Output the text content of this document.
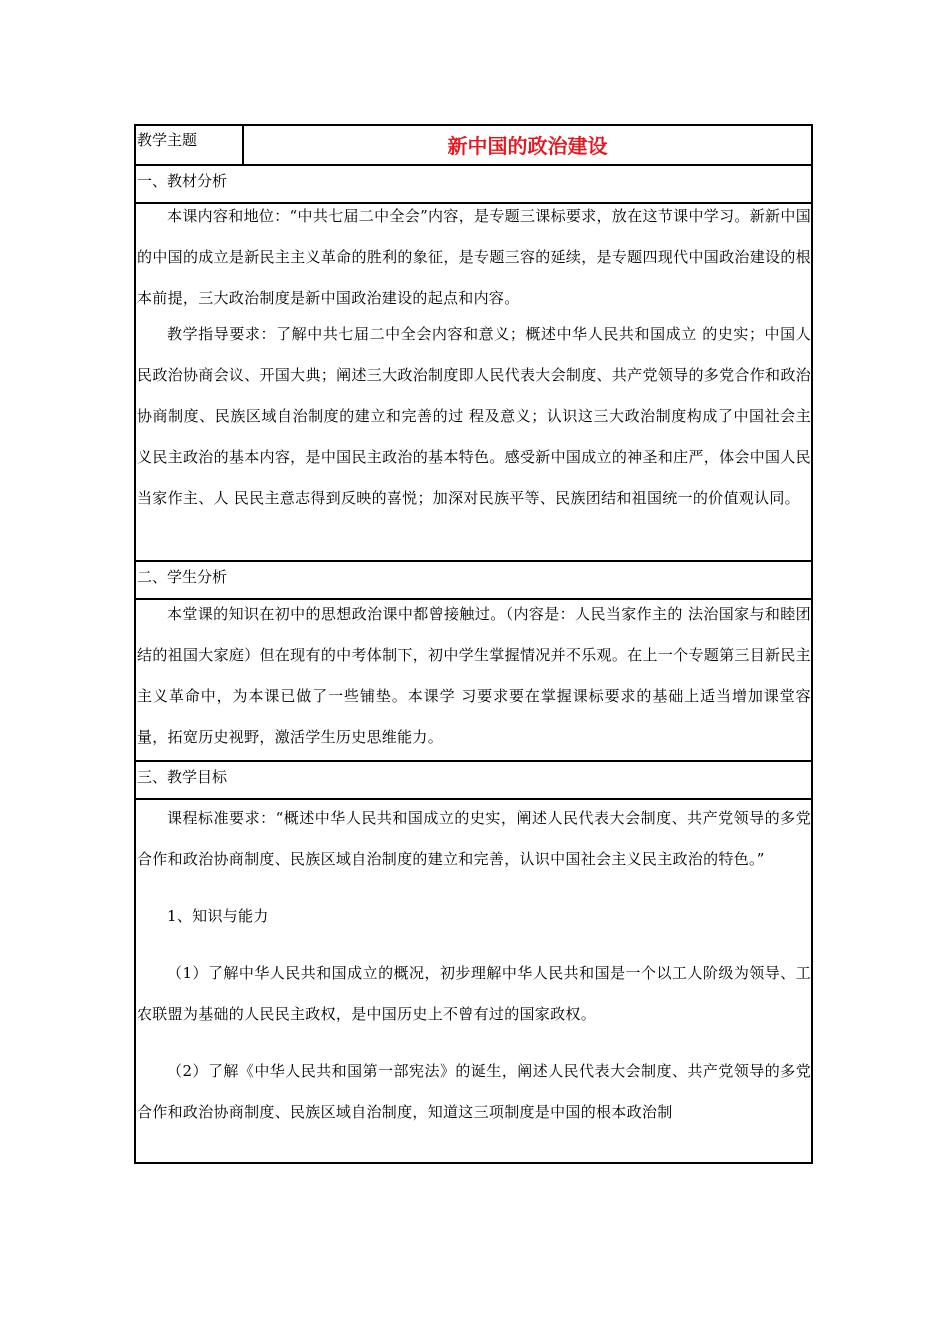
教学主题	新中国的政治建设
一、教材分析

本课内容和地位：“中共七届二中全会”内容，是专题三课标要求，放在这节课中学习。新新中国的中国的成立是新民主主义革命的胜利的象征，是专题三容的延续，是专题四现代中国政治建设的根本前提，三大政治制度是新中国政治建设的起点和内容。

教学指导要求：了解中共七届二中全会内容和意义；概述中华人民共和国成立 的史实；中国人民政治协商会议、开国大典；阐述三大政治制度即人民代表大会制度、共产党领导的多党合作和政治协商制度、民族区域自治制度的建立和完善的过 程及意义；认识这三大政治制度构成了中国社会主义民主政治的基本内容，是中国民主政治的基本特色。感受新中国成立的神圣和庄严，体会中国人民当家作主、人 民民主意志得到反映的喜悦；加深对民族平等、民族团结和祖国统一的价值观认同。

二、学生分析

本堂课的知识在初中的思想政治课中都曾接触过。（内容是：人民当家作主的 法治国家与和睦团结的祖国大家庭）但在现有的中考体制下，初中学生掌握情况并不乐观。在上一个专题第三目新民主主义革命中，为本课已做了一些铺垫。本课学 习要求要在掌握课标要求的基础上适当增加课堂容量，拓宽历史视野，激活学生历史思维能力。

三、教学目标

课程标准要求：“概述中华人民共和国成立的史实，阐述人民代表大会制度、共产党领导的多党合作和政治协商制度、民族区域自治制度的建立和完善，认识中国社会主义民主政治的特色。”

1、知识与能力

（1）了解中华人民共和国成立的概况，初步理解中华人民共和国是一个以工人阶级为领导、工农联盟为基础的人民民主政权，是中国历史上不曾有过的国家政权。

（2）了解《中华人民共和国第一部宪法》的诞生，阐述人民代表大会制度、共产党领导的多党合作和政治协商制度、民族区域自治制度，知道这三项制度是中国的根本政治制
